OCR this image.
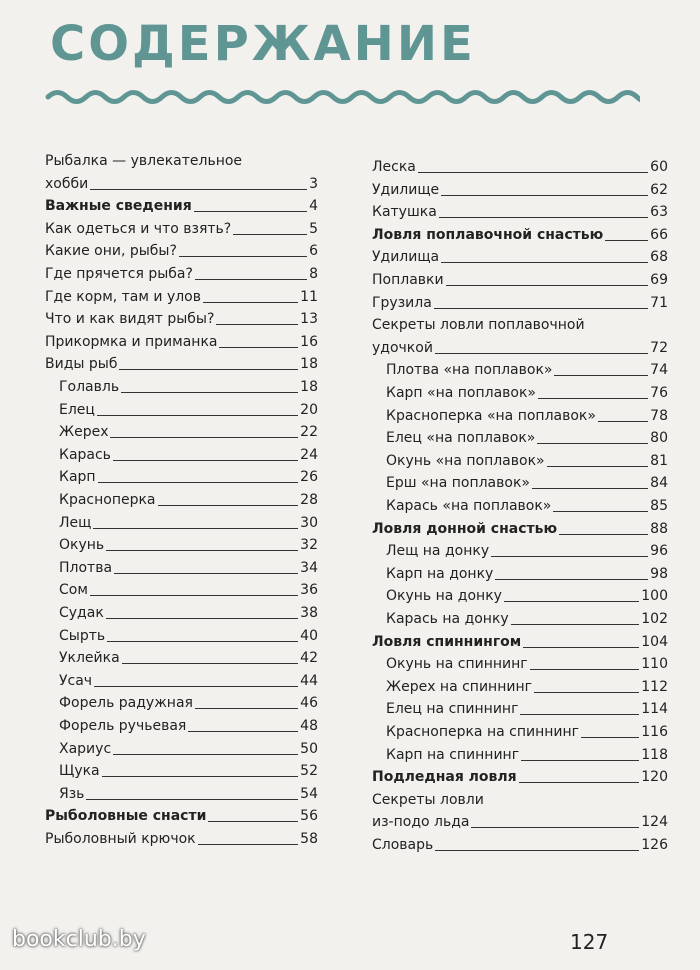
СОДЕРЖАНИЕ
Рыбалка — увлекательное
хобби	3
Важные сведения	4
Как одеться и что взять?	5
Какие они, рыбы?	6
Где прячется рыба?	8
Где корм, там и улов	11
Что и как видят рыбы?	13
Прикормка и приманка	16
Виды рыб	18
Голавль	18
Елец	20
Жерех	22
Карась	24
Карп	26
Красноперка	28
Лещ	30
Окунь	32
Плотва	34
Сом	36
Судак	38
Сырть	40
Уклейка	42
Усач	44
Форель радужная	46
Форель ручьевая	48
Хариус	50
Щука	52
Язь	54
Рыболовные снасти	56
Рыболовный крючок	58
Леска	60
Удилище	62
Катушка	63
Ловля поплавочной снастью	66
Удилища	68
Поплавки	69
Грузила	71
Секреты ловли поплавочной
удочкой	72
Плотва «на поплавок»	74
Карп «на поплавок»	76
Красноперка «на поплавок»	78
Елец «на поплавок»	80
Окунь «на поплавок»	81
Ерш «на поплавок»	84
Карась «на поплавок»	85
Ловля донной снастью	88
Лещ на донку	96
Карп на донку	98
Окунь на донку	100
Карась на донку	102
Ловля спиннингом	104
Окунь на спиннинг	110
Жерех на спиннинг	112
Елец на спиннинг	114
Красноперка на спиннинг	116
Карп на спиннинг	118
Подледная ловля	120
Секреты ловли
из-подо льда	124
Словарь	126
bookclub.by	127
